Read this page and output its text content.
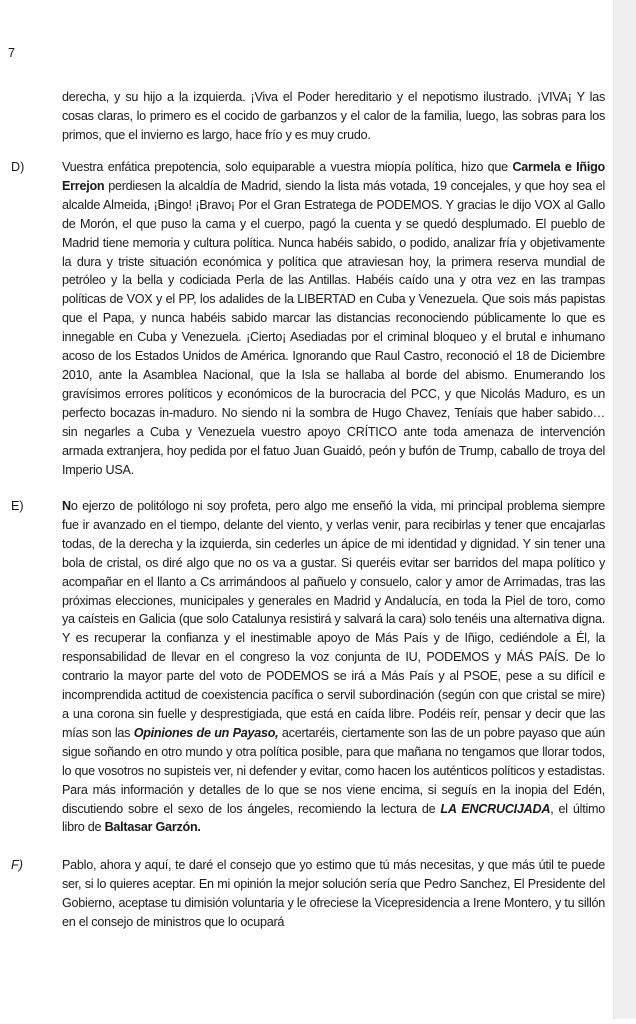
7
derecha, y su hijo a la izquierda. ¡Viva el Poder hereditario y el nepotismo ilustrado. ¡VIVA¡ Y las cosas claras, lo primero es el cocido de garbanzos y el calor de la familia, luego, las sobras para los primos, que el invierno es largo, hace frío y es muy crudo.
D)	Vuestra enfática prepotencia, solo equiparable a vuestra miopía política, hizo que Carmela e Iñigo Errejon perdiesen la alcaldía de Madrid, siendo la lista más votada, 19 concejales, y que hoy sea el alcalde Almeida, ¡Bingo! ¡Bravo¡ Por el Gran Estratega de PODEMOS. Y gracias le dijo VOX al Gallo de Morón, el que puso la cama y el cuerpo, pagó la cuenta y se quedó desplumado. El pueblo de Madrid tiene memoria y cultura política. Nunca habéis sabido, o podido, analizar fría y objetivamente la dura y triste situación económica y política que atraviesan hoy, la primera reserva mundial de petróleo y la bella y codiciada Perla de las Antillas. Habéis caído una y otra vez en las trampas políticas de VOX y el PP, los adalides de la LIBERTAD en Cuba y Venezuela. Que sois más papistas que el Papa, y nunca habéis sabido marcar las distancias reconociendo públicamente lo que es innegable en Cuba y Venezuela. ¡Cierto¡ Asediadas por el criminal bloqueo y el brutal e inhumano acoso de los Estados Unidos de América. Ignorando que Raul Castro, reconoció el 18 de Diciembre 2010, ante la Asamblea Nacional, que la Isla se hallaba al borde del abismo. Enumerando los gravísimos errores políticos y económicos de la burocracia del PCC, y que Nicolás Maduro, es un perfecto bocazas in-maduro. No siendo ni la sombra de Hugo Chavez, Teníais que haber sabido… sin negarles a Cuba y Venezuela vuestro apoyo CRÍTICO ante toda amenaza de intervención armada extranjera, hoy pedida por el fatuo Juan Guaidó, peón y bufón de Trump, caballo de troya del Imperio USA.
E)	No ejerzo de politólogo ni soy profeta, pero algo me enseñó la vida, mi principal problema siempre fue ir avanzado en el tiempo, delante del viento, y verlas venir, para recibirlas y tener que encajarlas todas, de la derecha y la izquierda, sin cederles un ápice de mi identidad y dignidad. Y sin tener una bola de cristal, os diré algo que no os va a gustar. Si queréis evitar ser barridos del mapa político y acompañar en el llanto a Cs arrimándoos al pañuelo y consuelo, calor y amor de Arrimadas, tras las próximas elecciones, municipales y generales en Madrid y Andalucía, en toda la Piel de toro, como ya caísteis en Galicia (que solo Catalunya resistirá y salvará la cara) solo tenéis una alternativa digna. Y es recuperar la confianza y el inestimable apoyo de Más País y de Iñigo, cediéndole a Él, la responsabilidad de llevar en el congreso la voz conjunta de IU, PODEMOS y MÁS PAÍS. De lo contrario la mayor parte del voto de PODEMOS se irá a Más País y al PSOE, pese a su difícil e incomprendida actitud de coexistencia pacífica o servil subordinación (según con que cristal se mire) a una corona sin fuelle y desprestigiada, que está en caída libre. Podéis reír, pensar y decir que las mías son las Opiniones de un Payaso, acertaréis, ciertamente son las de un pobre payaso que aún sigue soñando en otro mundo y otra política posible, para que mañana no tengamos que llorar todos, lo que vosotros no supisteis ver, ni defender y evitar, como hacen los auténticos políticos y estadistas. Para más información y detalles de lo que se nos viene encima, si seguís en la inopia del Edén, discutiendo sobre el sexo de los ángeles, recomiendo la lectura de LA ENCRUCIJADA, el último libro de Baltasar Garzón.
F)	Pablo, ahora y aquí, te daré el consejo que yo estimo que tú más necesitas, y que más útil te puede ser, si lo quieres aceptar. En mi opinión la mejor solución sería que Pedro Sanchez, El Presidente del Gobierno, aceptase tu dimisión voluntaria y le ofreciese la Vicepresidencia a Irene Montero, y tu sillón en el consejo de ministros que lo ocupará
